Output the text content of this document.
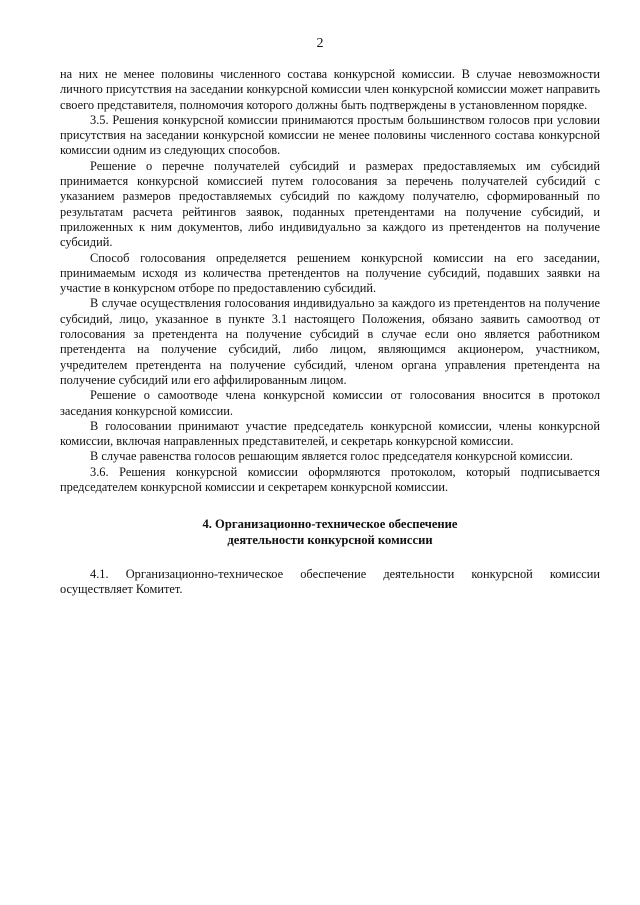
2

на них не менее половины численного состава конкурсной комиссии. В случае невозможности личного присутствия на заседании конкурсной комиссии член конкурсной комиссии может направить своего представителя, полномочия которого должны быть подтверждены в установленном порядке.

3.5. Решения конкурсной комиссии принимаются простым большинством голосов при условии присутствия на заседании конкурсной комиссии не менее половины численного состава конкурсной комиссии одним из следующих способов.

Решение о перечне получателей субсидий и размерах предоставляемых им субсидий принимается конкурсной комиссией путем голосования за перечень получателей субсидий с указанием размеров предоставляемых субсидий по каждому получателю, сформированный по результатам расчета рейтингов заявок, поданных претендентами на получение субсидий, и приложенных к ним документов, либо индивидуально за каждого из претендентов на получение субсидий.

Способ голосования определяется решением конкурсной комиссии на его заседании, принимаемым исходя из количества претендентов на получение субсидий, подавших заявки на участие в конкурсном отборе по предоставлению субсидий.

В случае осуществления голосования индивидуально за каждого из претендентов на получение субсидий, лицо, указанное в пункте 3.1 настоящего Положения, обязано заявить самоотвод от голосования за претендента на получение субсидий в случае если оно является работником претендента на получение субсидий, либо лицом, являющимся акционером, участником, учредителем претендента на получение субсидий, членом органа управления претендента на получение субсидий или его аффилированным лицом.

Решение о самоотводе члена конкурсной комиссии от голосования вносится в протокол заседания конкурсной комиссии.

В голосовании принимают участие председатель конкурсной комиссии, члены конкурсной комиссии, включая направленных представителей, и секретарь конкурсной комиссии.

В случае равенства голосов решающим является голос председателя конкурсной комиссии.

3.6. Решения конкурсной комиссии оформляются протоколом, который подписывается председателем конкурсной комиссии и секретарем конкурсной комиссии.

4. Организационно-техническое обеспечение
деятельности конкурсной комиссии

4.1. Организационно-техническое обеспечение деятельности конкурсной комиссии осуществляет Комитет.
